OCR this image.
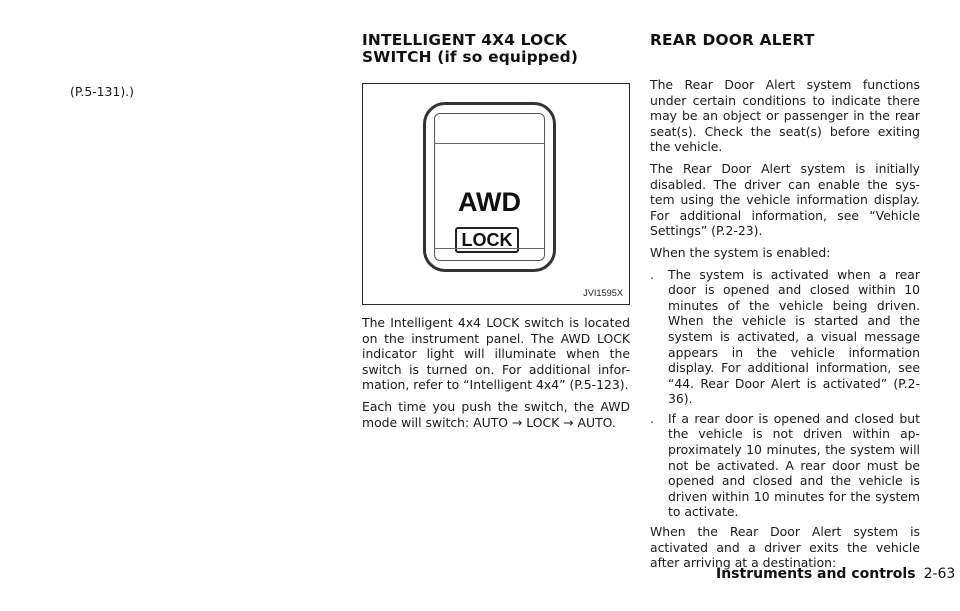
(P.5-131).)

INTELLIGENT 4X4 LOCK SWITCH (if so equipped)
AWD
LOCK
JVI1595X

The Intelligent 4x4 LOCK switch is located on the instrument panel. The AWD LOCK indicator light will illuminate when the switch is turned on. For additional infor-mation, refer to “Intelligent 4x4” (P.5-123).

Each time you push the switch, the AWD mode will switch: AUTO → LOCK → AUTO.

REAR DOOR ALERT

The Rear Door Alert system functions under certain conditions to indicate there may be an object or passenger in the rear seat(s). Check the seat(s) before exiting the vehicle.

The Rear Door Alert system is initially disabled. The driver can enable the sys-tem using the vehicle information display. For additional information, see “Vehicle Settings” (P.2-23).

When the system is enabled:

. The system is activated when a rear door is opened and closed within 10 minutes of the vehicle being driven. When the vehicle is started and the system is activated, a visual message appears in the vehicle information display. For additional information, see “44. Rear Door Alert is activated” (P.2-36).
. If a rear door is opened and closed but the vehicle is not driven within ap-proximately 10 minutes, the system will not be activated. A rear door must be opened and closed and the vehicle is driven within 10 minutes for the system to activate.

When the Rear Door Alert system is activated and a driver exits the vehicle after arriving at a destination:

Instruments and controls 2-63
